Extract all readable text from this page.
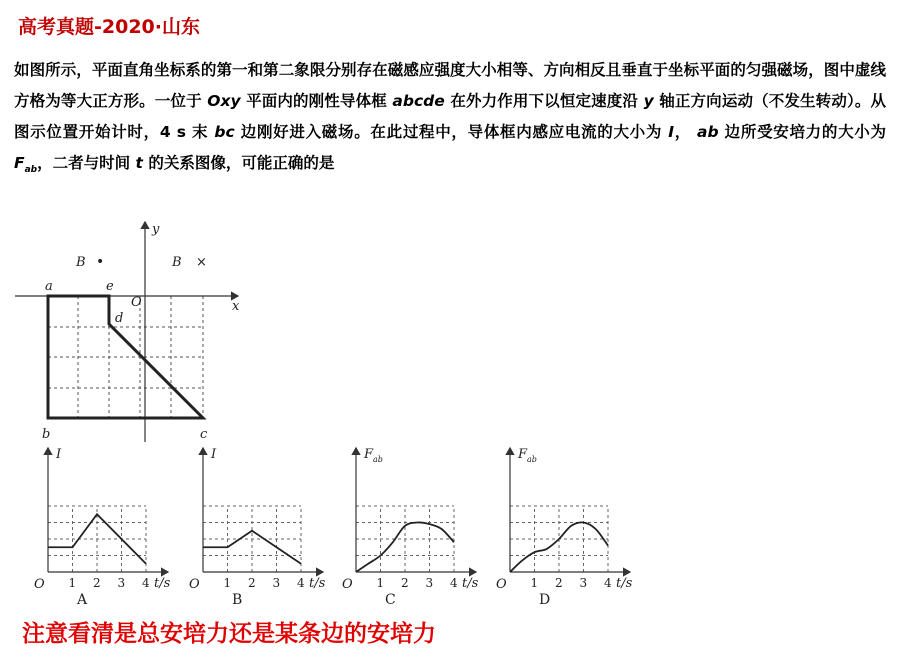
高考真题-2020·山东
如图所示，平面直角坐标系的第一和第二象限分别存在磁感应强度大小相等、方向相反且垂直于坐标平面的匀强磁场，图中虚线方格为等大正方形。一位于 Oxy 平面内的刚性导体框 abcde 在外力作用下以恒定速度沿 y 轴正方向运动（不发生转动）。从图示位置开始计时，4 s 末 bc 边刚好进入磁场。在此过程中，导体框内感应电流的大小为 I， ab 边所受安培力的大小为 $F_{ab}$，二者与时间 t 的关系图像，可能正确的是
B •	B ×
y
x
O
a	e
d
b	c
I
O 1 2 3 4 t/s
A
I
O 1 2 3 4 t/s
B
F ab
O 1 2 3 4 t/s
C
F ab
O 1 2 3 4 t/s
D
注意看清是总安培力还是某条边的安培力
